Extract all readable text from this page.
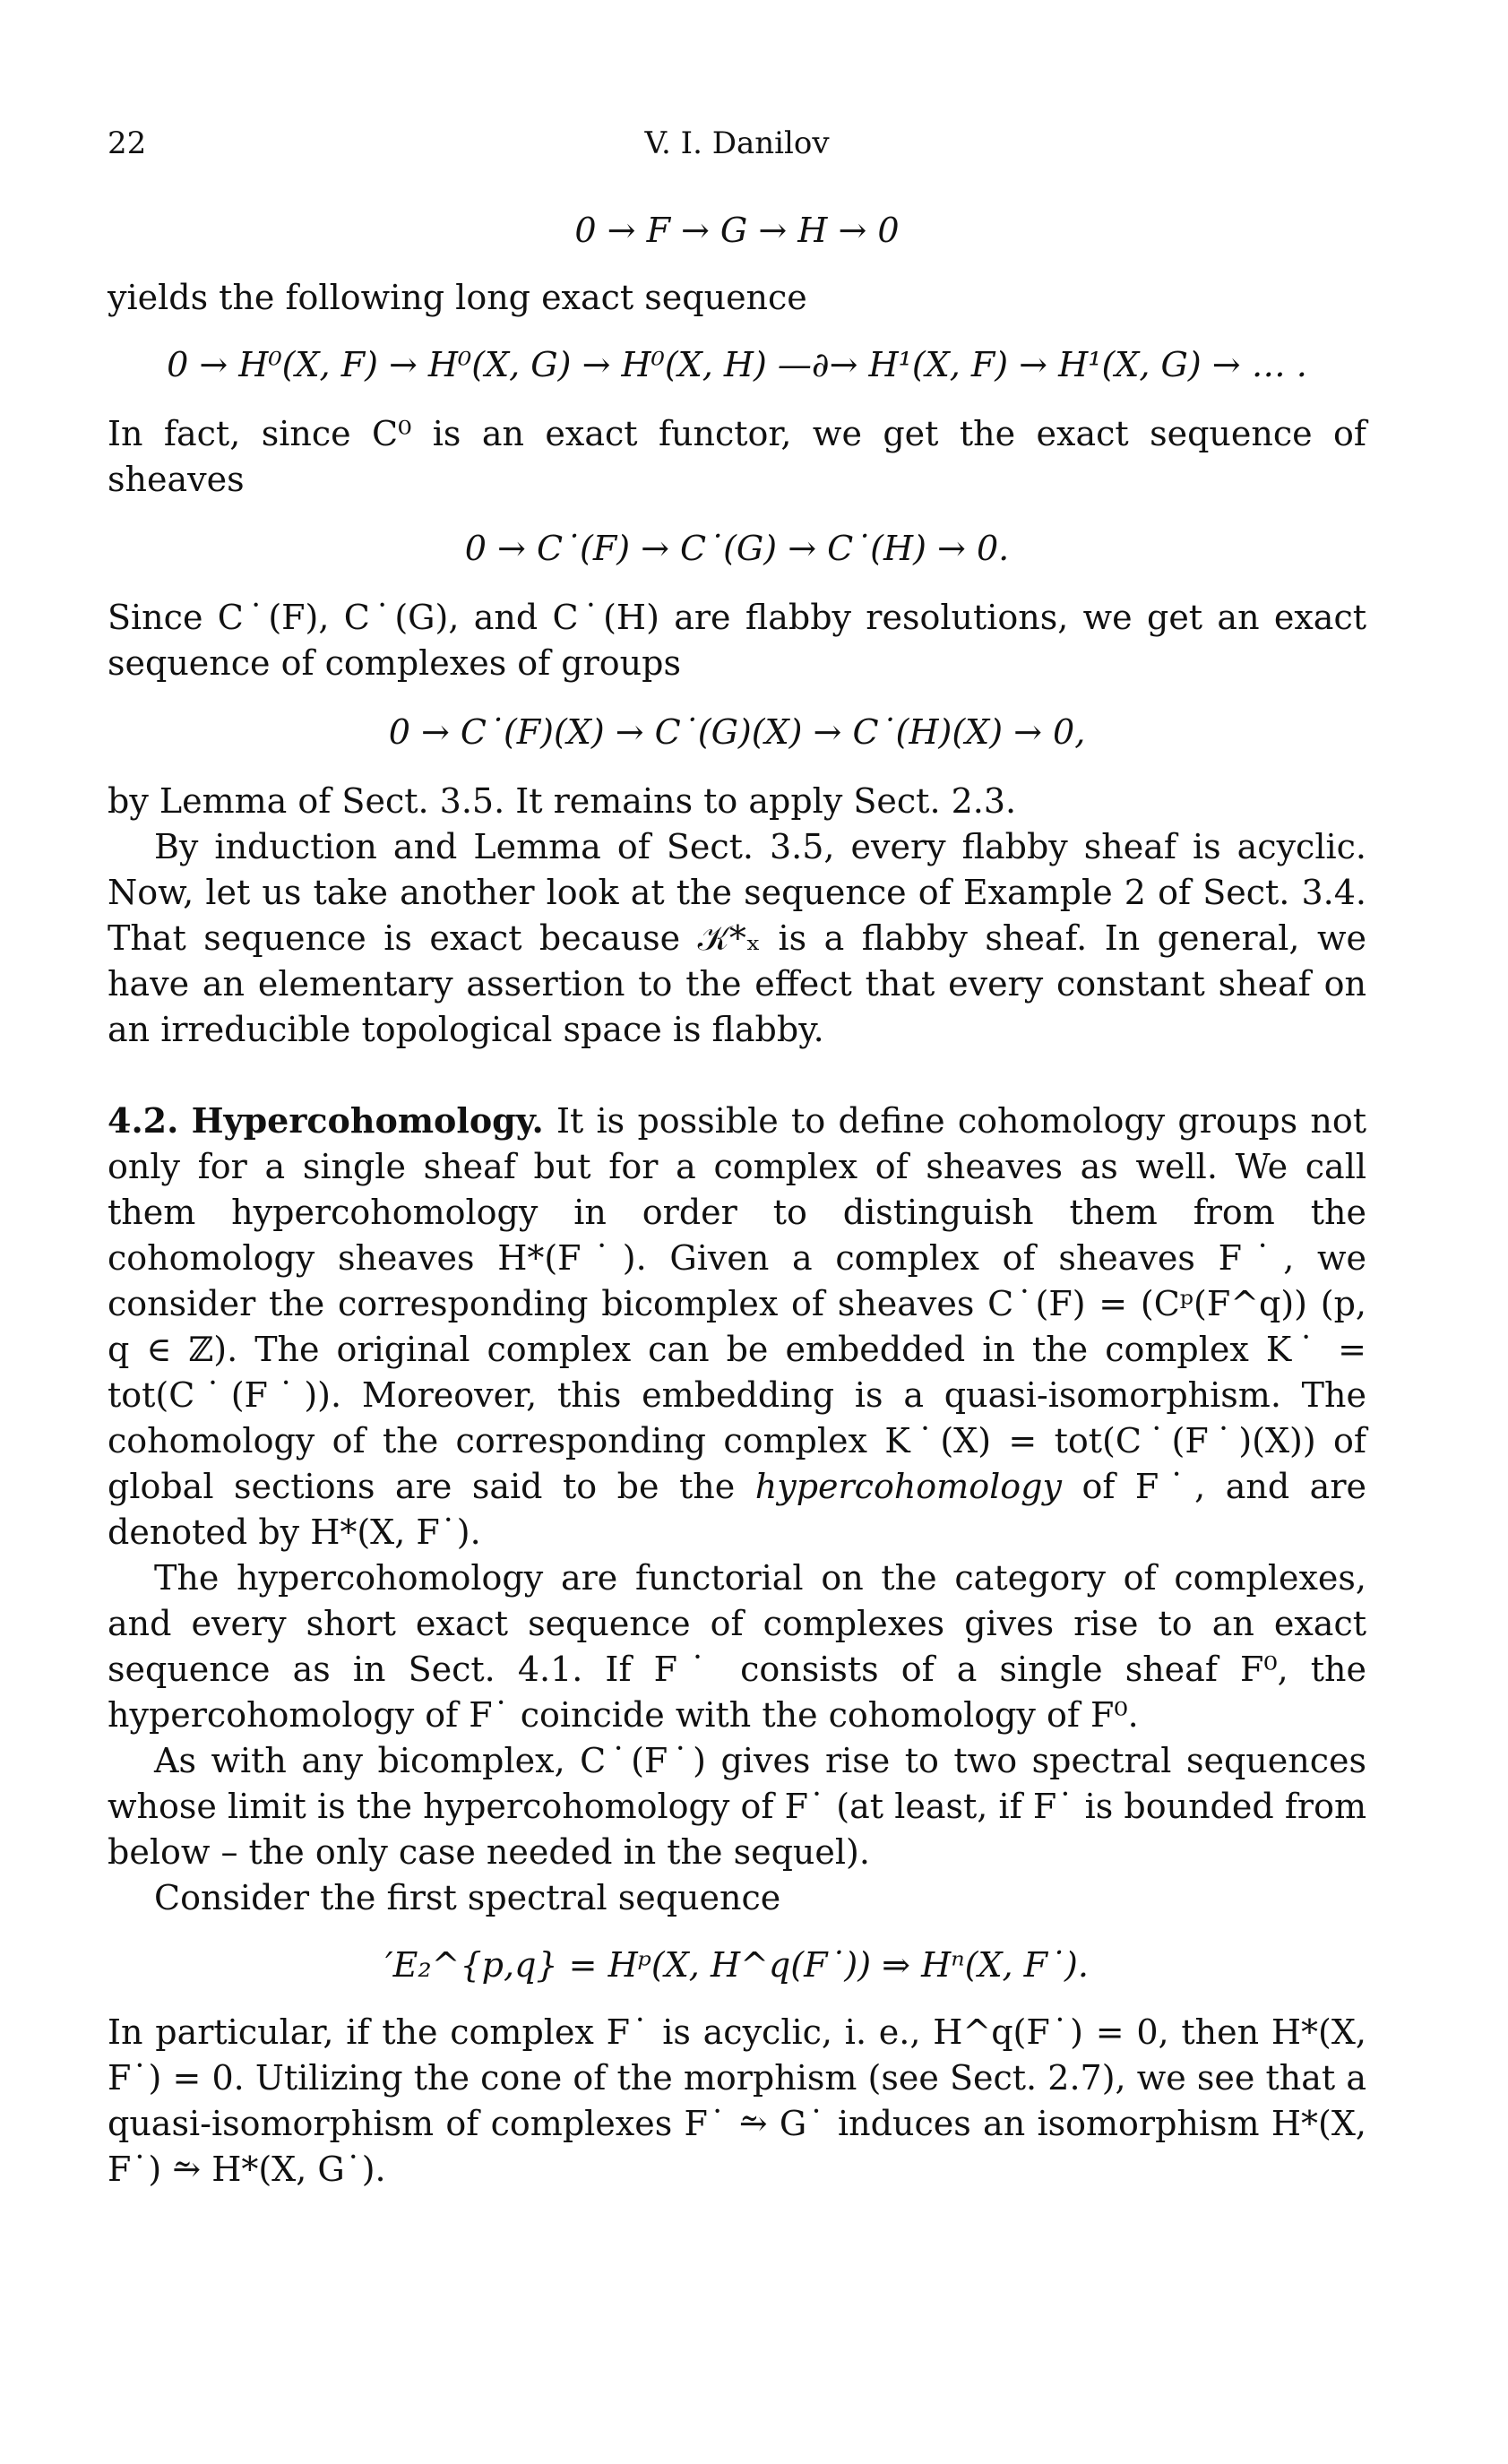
22	V. I. Danilov

0 → F → G → H → 0

yields the following long exact sequence

0 → H⁰(X, F) → H⁰(X, G) → H⁰(X, H) —∂→ H¹(X, F) → H¹(X, G) → … .

In fact, since C⁰ is an exact functor, we get the exact sequence of sheaves

0 → C˙(F) → C˙(G) → C˙(H) → 0.

Since C˙(F), C˙(G), and C˙(H) are flabby resolutions, we get an exact sequence of complexes of groups

0 → C˙(F)(X) → C˙(G)(X) → C˙(H)(X) → 0,

by Lemma of Sect. 3.5. It remains to apply Sect. 2.3.

By induction and Lemma of Sect. 3.5, every flabby sheaf is acyclic. Now, let us take another look at the sequence of Example 2 of Sect. 3.4. That sequence is exact because 𝒦*ₓ is a flabby sheaf. In general, we have an elementary assertion to the effect that every constant sheaf on an irreducible topological space is flabby.

4.2. Hypercohomology. It is possible to define cohomology groups not only for a single sheaf but for a complex of sheaves as well. We call them hypercohomology in order to distinguish them from the cohomology sheaves H*(F˙). Given a complex of sheaves F˙, we consider the corresponding bicomplex of sheaves C˙(F) = (Cᵖ(F^q)) (p, q ∈ ℤ). The original complex can be embedded in the complex K˙ = tot(C˙(F˙)). Moreover, this embedding is a quasi-isomorphism. The cohomology of the corresponding complex K˙(X) = tot(C˙(F˙)(X)) of global sections are said to be the hypercohomology of F˙, and are denoted by H*(X, F˙).

The hypercohomology are functorial on the category of complexes, and every short exact sequence of complexes gives rise to an exact sequence as in Sect. 4.1. If F˙ consists of a single sheaf F⁰, the hypercohomology of F˙ coincide with the cohomology of F⁰.

As with any bicomplex, C˙(F˙) gives rise to two spectral sequences whose limit is the hypercohomology of F˙ (at least, if F˙ is bounded from below – the only case needed in the sequel).

Consider the first spectral sequence

′E₂^{p,q} = Hᵖ(X, H^q(F˙)) ⇒ Hⁿ(X, F˙).

In particular, if the complex F˙ is acyclic, i. e., H^q(F˙) = 0, then H*(X, F˙) = 0. Utilizing the cone of the morphism (see Sect. 2.7), we see that a quasi-isomorphism of complexes F˙ ⥲ G˙ induces an isomorphism H*(X, F˙) ⥲ H*(X, G˙).
